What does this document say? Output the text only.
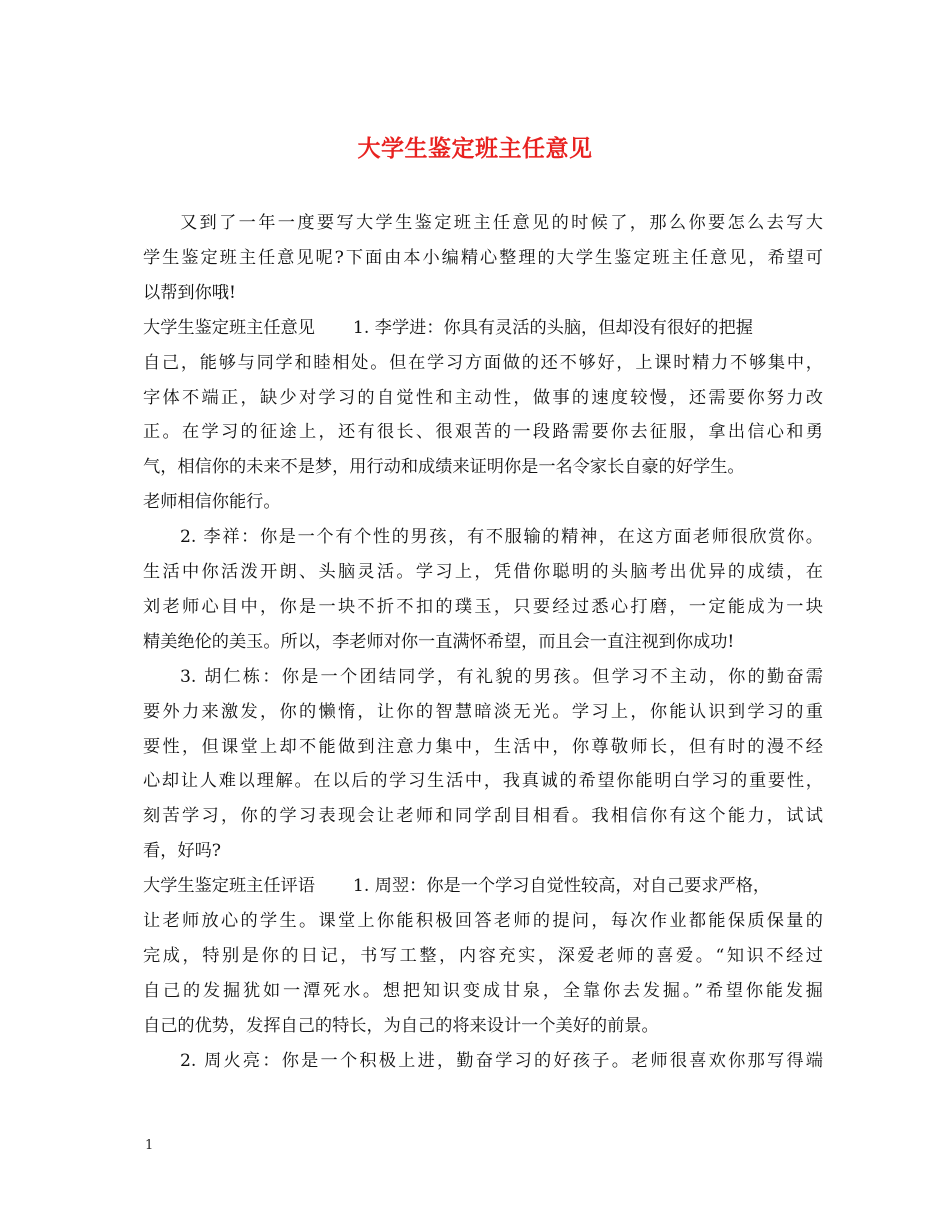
大学生鉴定班主任意见
又到了一年一度要写大学生鉴定班主任意见的时候了，那么你要怎么去写大
学生鉴定班主任意见呢?下面由本小编精心整理的大学生鉴定班主任意见，希望可
以帮到你哦!
大学生鉴定班主任意见 1. 李学进：你具有灵活的头脑，但却没有很好的把握
自己，能够与同学和睦相处。但在学习方面做的还不够好，上课时精力不够集中，
字体不端正，缺少对学习的自觉性和主动性，做事的速度较慢，还需要你努力改
正。在学习的征途上，还有很长、很艰苦的一段路需要你去征服，拿出信心和勇
气，相信你的未来不是梦，用行动和成绩来证明你是一名令家长自豪的好学生。
老师相信你能行。
2. 李祥：你是一个有个性的男孩，有不服输的精神，在这方面老师很欣赏你。
生活中你活泼开朗、头脑灵活。学习上，凭借你聪明的头脑考出优异的成绩，在
刘老师心目中，你是一块不折不扣的璞玉，只要经过悉心打磨，一定能成为一块
精美绝伦的美玉。所以，李老师对你一直满怀希望，而且会一直注视到你成功!
3. 胡仁栋：你是一个团结同学，有礼貌的男孩。但学习不主动，你的勤奋需
要外力来激发，你的懒惰，让你的智慧暗淡无光。学习上，你能认识到学习的重
要性，但课堂上却不能做到注意力集中，生活中，你尊敬师长，但有时的漫不经
心却让人难以理解。在以后的学习生活中，我真诚的希望你能明白学习的重要性，
刻苦学习，你的学习表现会让老师和同学刮目相看。我相信你有这个能力，试试
看，好吗?
大学生鉴定班主任评语 1. 周翌：你是一个学习自觉性较高，对自己要求严格，
让老师放心的学生。课堂上你能积极回答老师的提问，每次作业都能保质保量的
完成，特别是你的日记，书写工整，内容充实，深爱老师的喜爱。“知识不经过
自己的发掘犹如一潭死水。想把知识变成甘泉，全靠你去发掘。”希望你能发掘
自己的优势，发挥自己的特长，为自己的将来设计一个美好的前景。
2. 周火亮：你是一个积极上进，勤奋学习的好孩子。老师很喜欢你那写得端
1
